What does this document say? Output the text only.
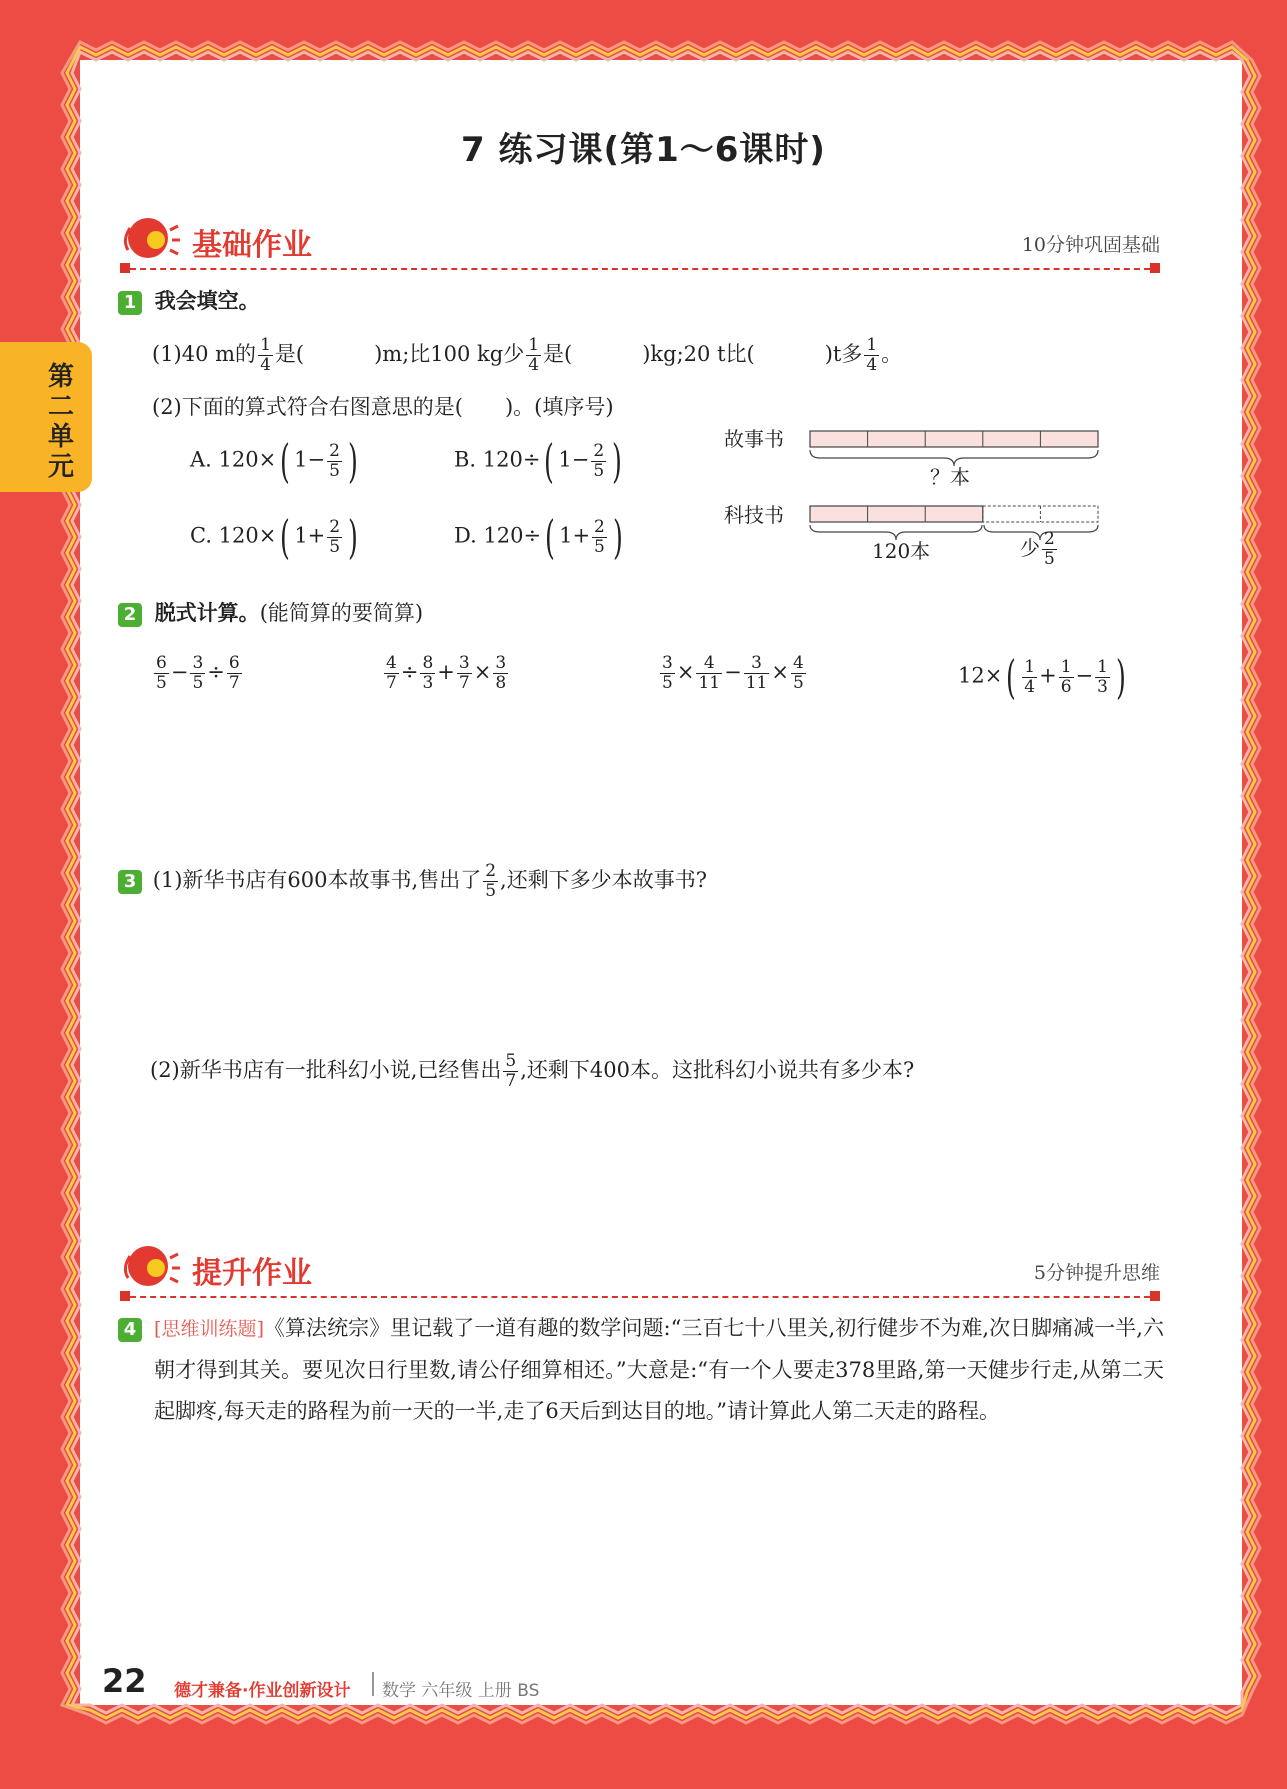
第二单元
7 练习课(第1～6课时)
基础作业	10分钟巩固基础
1 我会填空。
(1)40 m的 $\frac{1}{4}$ 是(	)m;比100 kg少 $\frac{1}{4}$ 是(	)kg;20 t比(	)t多 $\frac{1}{4}$ 。
(2)下面的算式符合右图意思的是(　　)。(填序号)
A. 120×( $1- \frac{2}{5}$ )	B. 120÷( $1- \frac{2}{5}$ )
C. 120×( $1+ \frac{2}{5}$ )	D. 120÷( $1+ \frac{2}{5}$ )
故事书
科技书
？本
120本	少 $\frac{2}{5}$
2 脱式计算。(能简算的要简算)
$\frac{6}{5} - \frac{3}{5} \div \frac{6}{7}$	$\frac{4}{7} \div \frac{8}{3} + \frac{3}{7} \times \frac{3}{8}$	$\frac{3}{5} \times \frac{4}{11} - \frac{3}{11} \times \frac{4}{5}$	$12\times( \frac{1}{4} + \frac{1}{6} - \frac{1}{3}$ )
3 (1)新华书店有600本故事书,售出了 $\frac{2}{5}$ ,还剩下多少本故事书?
(2)新华书店有一批科幻小说,已经售出 $\frac{5}{7}$ ,还剩下400本。这批科幻小说共有多少本?
提升作业	5分钟提升思维
4 [思维训练题]《算法统宗》里记载了一道有趣的数学问题:“三百七十八里关,初行健步不为难,次日脚痛减一半,六朝才得到其关。要见次日行里数,请公仔细算相还。”大意是:“有一个人要走378里路,第一天健步行走,从第二天起脚疼,每天走的路程为前一天的一半,走了6天后到达目的地。”请计算此人第二天走的路程。
22 德才兼备·作业创新设计 数学 六年级 上册 BS
